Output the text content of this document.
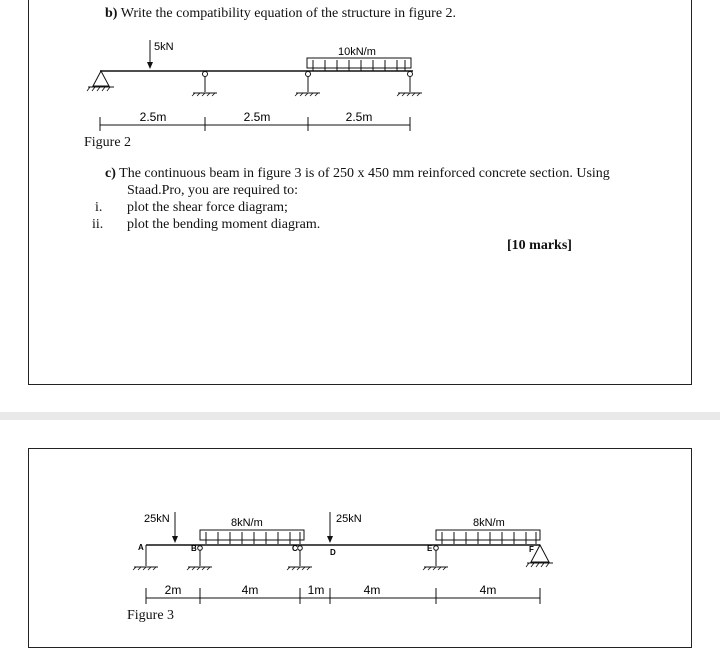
b) Write the compatibility equation of the structure in figure 2.
5kN	10kN/m
2.5m	2.5m	2.5m
Figure 2
c) The continuous beam in figure 3 is of 250 x 450 mm reinforced concrete section. Using
Staad.Pro, you are required to:
i. plot the shear force diagram;
ii. plot the bending moment diagram.
[10 marks]
25kN	8kN/m	25kN	8kN/m
A	B	C	D	E	F
2m	4m	1m	4m	4m
Figure 3
